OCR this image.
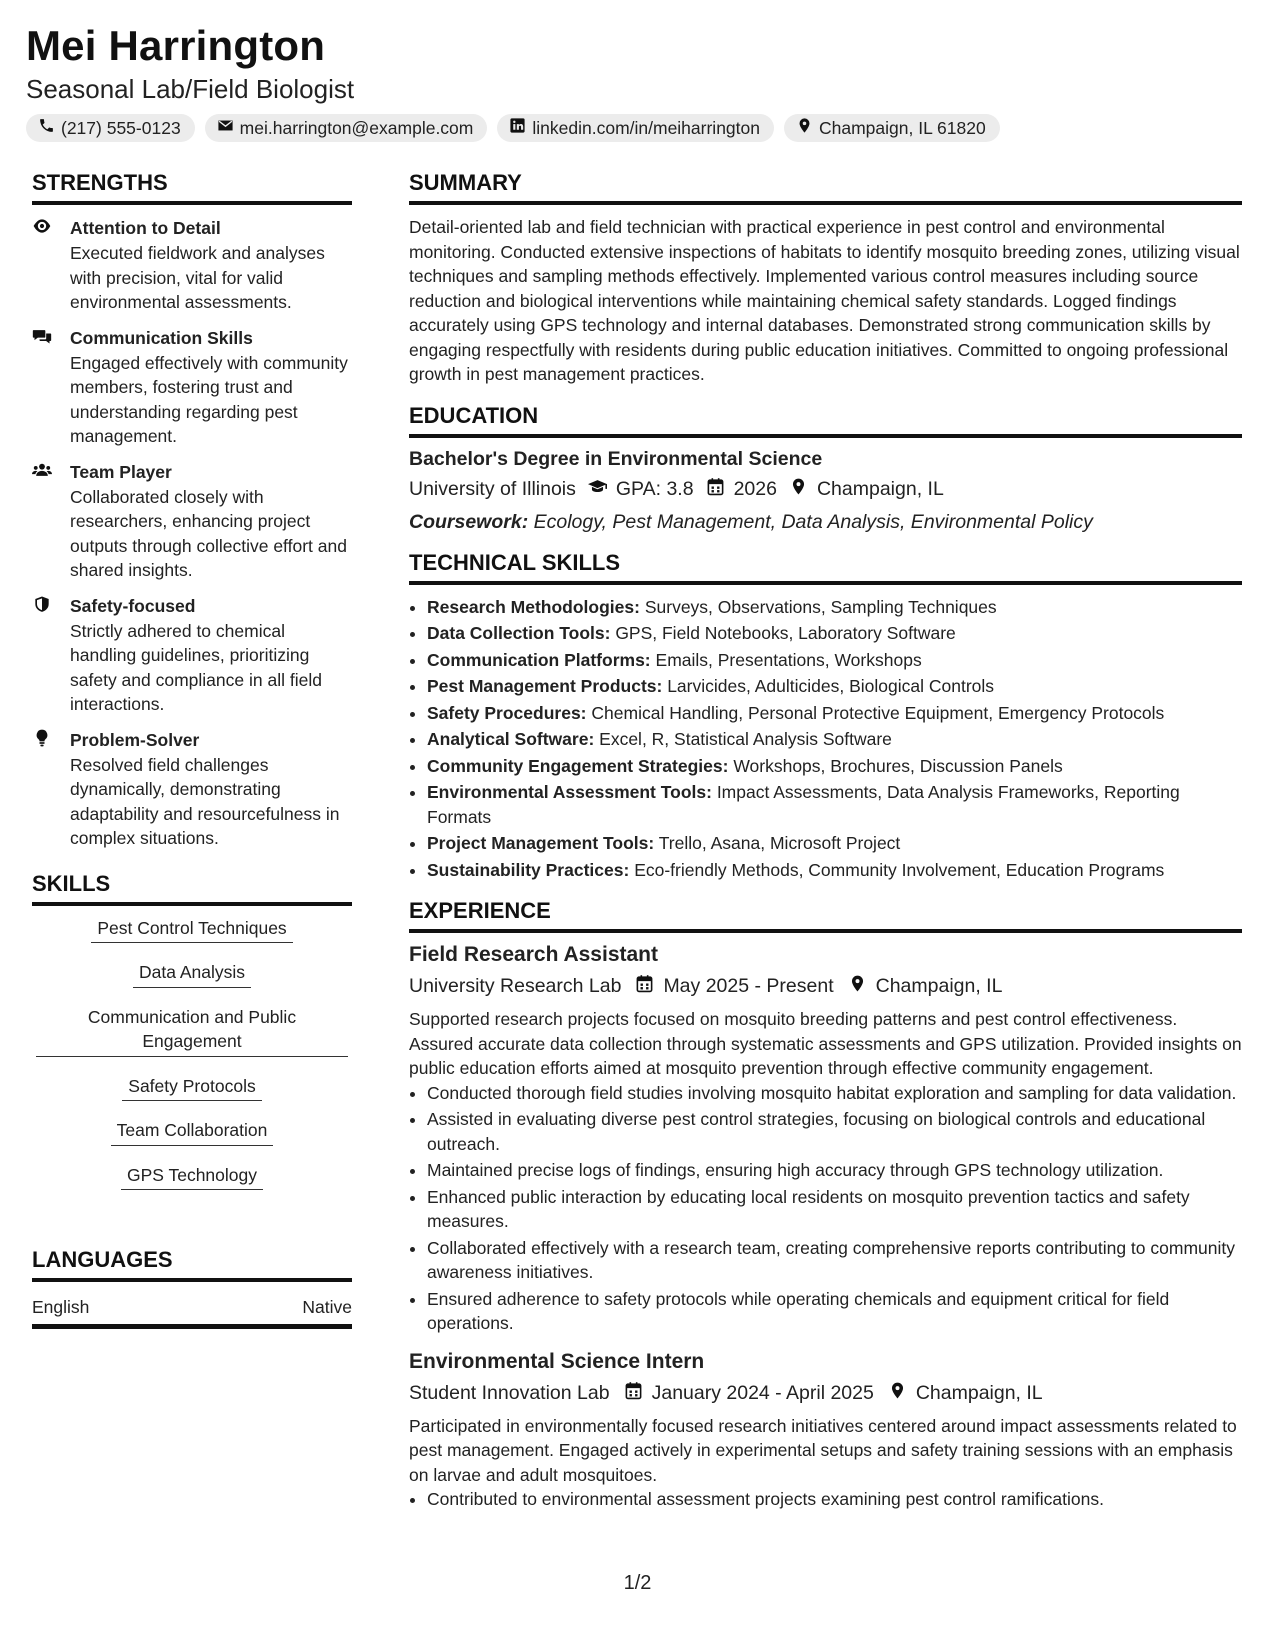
Mei Harrington
Seasonal Lab/Field Biologist
(217) 555-0123	mei.harrington@example.com	linkedin.com/in/meiharrington	Champaign, IL 61820
STRENGTHS
Attention to Detail
Executed fieldwork and analyses with precision, vital for valid environmental assessments.
Communication Skills
Engaged effectively with community members, fostering trust and understanding regarding pest management.
Team Player
Collaborated closely with researchers, enhancing project outputs through collective effort and shared insights.
Safety-focused
Strictly adhered to chemical handling guidelines, prioritizing safety and compliance in all field interactions.
Problem-Solver
Resolved field challenges dynamically, demonstrating adaptability and resourcefulness in complex situations.
SKILLS
Pest Control Techniques
Data Analysis
Communication and Public Engagement
Safety Protocols
Team Collaboration
GPS Technology
LANGUAGES
English	Native
SUMMARY
Detail-oriented lab and field technician with practical experience in pest control and environmental monitoring. Conducted extensive inspections of habitats to identify mosquito breeding zones, utilizing visual techniques and sampling methods effectively. Implemented various control measures including source reduction and biological interventions while maintaining chemical safety standards. Logged findings accurately using GPS technology and internal databases. Demonstrated strong communication skills by engaging respectfully with residents during public education initiatives. Committed to ongoing professional growth in pest management practices.
EDUCATION
Bachelor's Degree in Environmental Science
University of Illinois GPA: 3.8 2026 Champaign, IL
Coursework: Ecology, Pest Management, Data Analysis, Environmental Policy
TECHNICAL SKILLS
• Research Methodologies: Surveys, Observations, Sampling Techniques
• Data Collection Tools: GPS, Field Notebooks, Laboratory Software
• Communication Platforms: Emails, Presentations, Workshops
• Pest Management Products: Larvicides, Adulticides, Biological Controls
• Safety Procedures: Chemical Handling, Personal Protective Equipment, Emergency Protocols
• Analytical Software: Excel, R, Statistical Analysis Software
• Community Engagement Strategies: Workshops, Brochures, Discussion Panels
• Environmental Assessment Tools: Impact Assessments, Data Analysis Frameworks, Reporting Formats
• Project Management Tools: Trello, Asana, Microsoft Project
• Sustainability Practices: Eco-friendly Methods, Community Involvement, Education Programs
EXPERIENCE
Field Research Assistant
University Research Lab May 2025 - Present Champaign, IL
Supported research projects focused on mosquito breeding patterns and pest control effectiveness. Assured accurate data collection through systematic assessments and GPS utilization. Provided insights on public education efforts aimed at mosquito prevention through effective community engagement.
• Conducted thorough field studies involving mosquito habitat exploration and sampling for data validation.
• Assisted in evaluating diverse pest control strategies, focusing on biological controls and educational outreach.
• Maintained precise logs of findings, ensuring high accuracy through GPS technology utilization.
• Enhanced public interaction by educating local residents on mosquito prevention tactics and safety measures.
• Collaborated effectively with a research team, creating comprehensive reports contributing to community awareness initiatives.
• Ensured adherence to safety protocols while operating chemicals and equipment critical for field operations.
Environmental Science Intern
Student Innovation Lab January 2024 - April 2025 Champaign, IL
Participated in environmentally focused research initiatives centered around impact assessments related to pest management. Engaged actively in experimental setups and safety training sessions with an emphasis on larvae and adult mosquitoes.
• Contributed to environmental assessment projects examining pest control ramifications.
1/2
